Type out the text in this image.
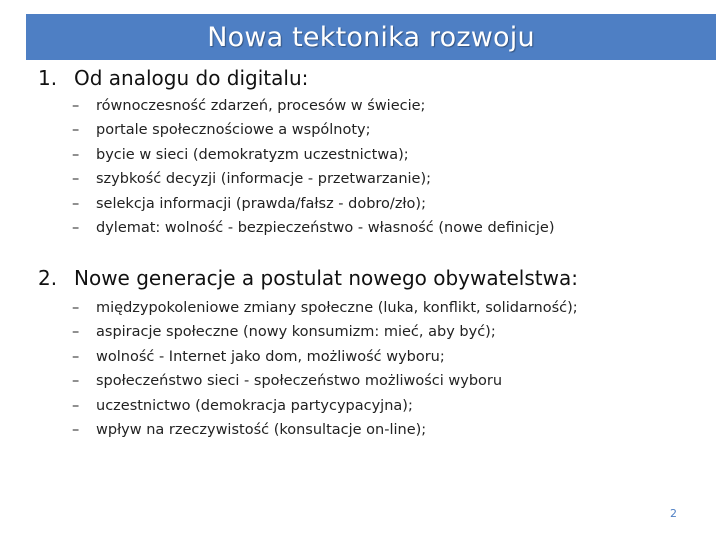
Nowa tektonika rozwoju
1. Od analogu do digitalu:
– równoczesność zdarzeń, procesów w świecie;
– portale społecznościowe a wspólnoty;
– bycie w sieci (demokratyzm uczestnictwa);
– szybkość decyzji (informacje - przetwarzanie);
– selekcja informacji (prawda/fałsz - dobro/zło);
– dylemat: wolność - bezpieczeństwo - własność (nowe definicje)
2. Nowe generacje a postulat nowego obywatelstwa:
– międzypokoleniowe zmiany społeczne (luka, konflikt, solidarność);
– aspiracje społeczne (nowy konsumizm: mieć, aby być);
– wolność - Internet jako dom, możliwość wyboru;
– społeczeństwo sieci - społeczeństwo możliwości wyboru
– uczestnictwo (demokracja partycypacyjna);
– wpływ na rzeczywistość (konsultacje on-line);
2
